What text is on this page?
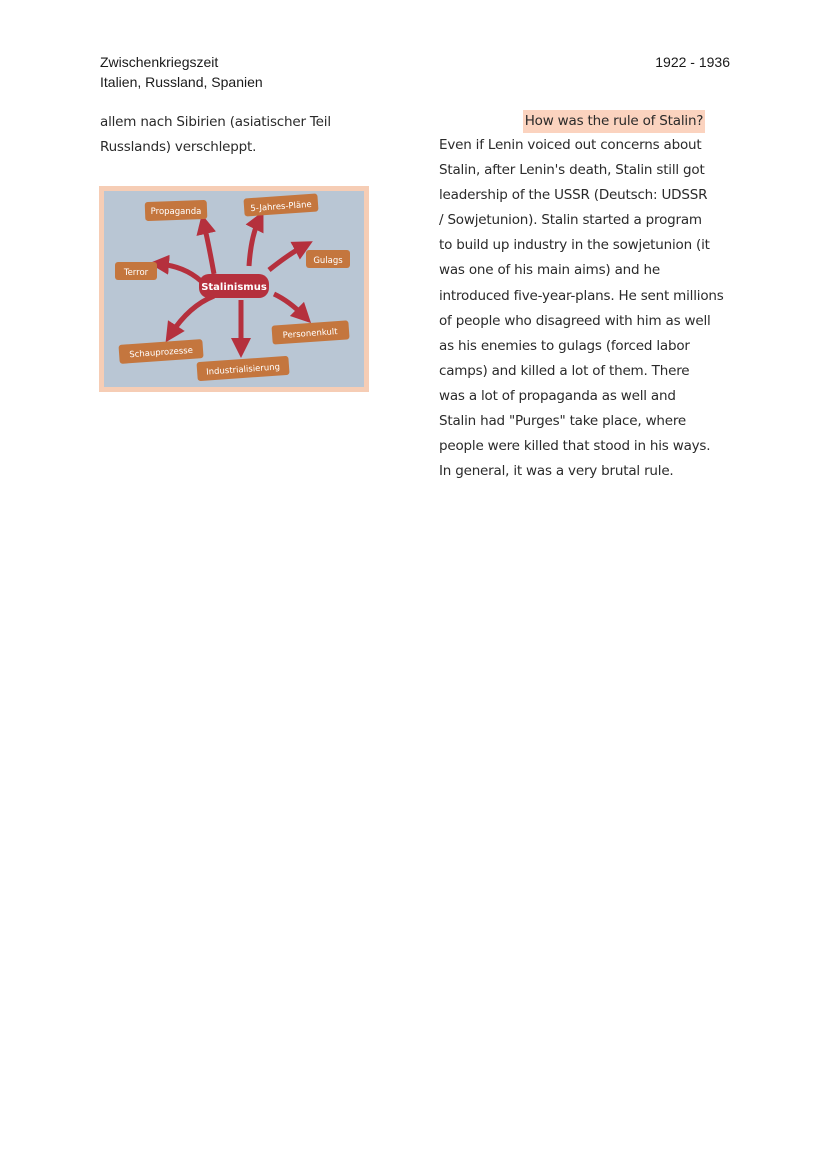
Zwischenkriegszeit
Italien, Russland, Spanien
1922 - 1936
allem nach Sibirien (asiatischer Teil
Russlands) verschleppt.
Propaganda	5-Jahres-Pläne
Gulags
Terror
Stalinismus
Personenkult
Schauprozesse
Industrialisierung
How was the rule of Stalin?

Even if Lenin voiced out concerns about

Stalin, after Lenin's death, Stalin still got

leadership of the USSR (Deutsch: UDSSR

/ Sowjetunion). Stalin started a program

to build up industry in the sowjetunion (it

was one of his main aims) and he

introduced five-year-plans. He sent millions

of people who disagreed with him as well

as his enemies to gulags (forced labor

camps) and killed a lot of them. There

was a lot of propaganda as well and

Stalin had "Purges" take place, where

people were killed that stood in his ways.

In general, it was a very brutal rule.
